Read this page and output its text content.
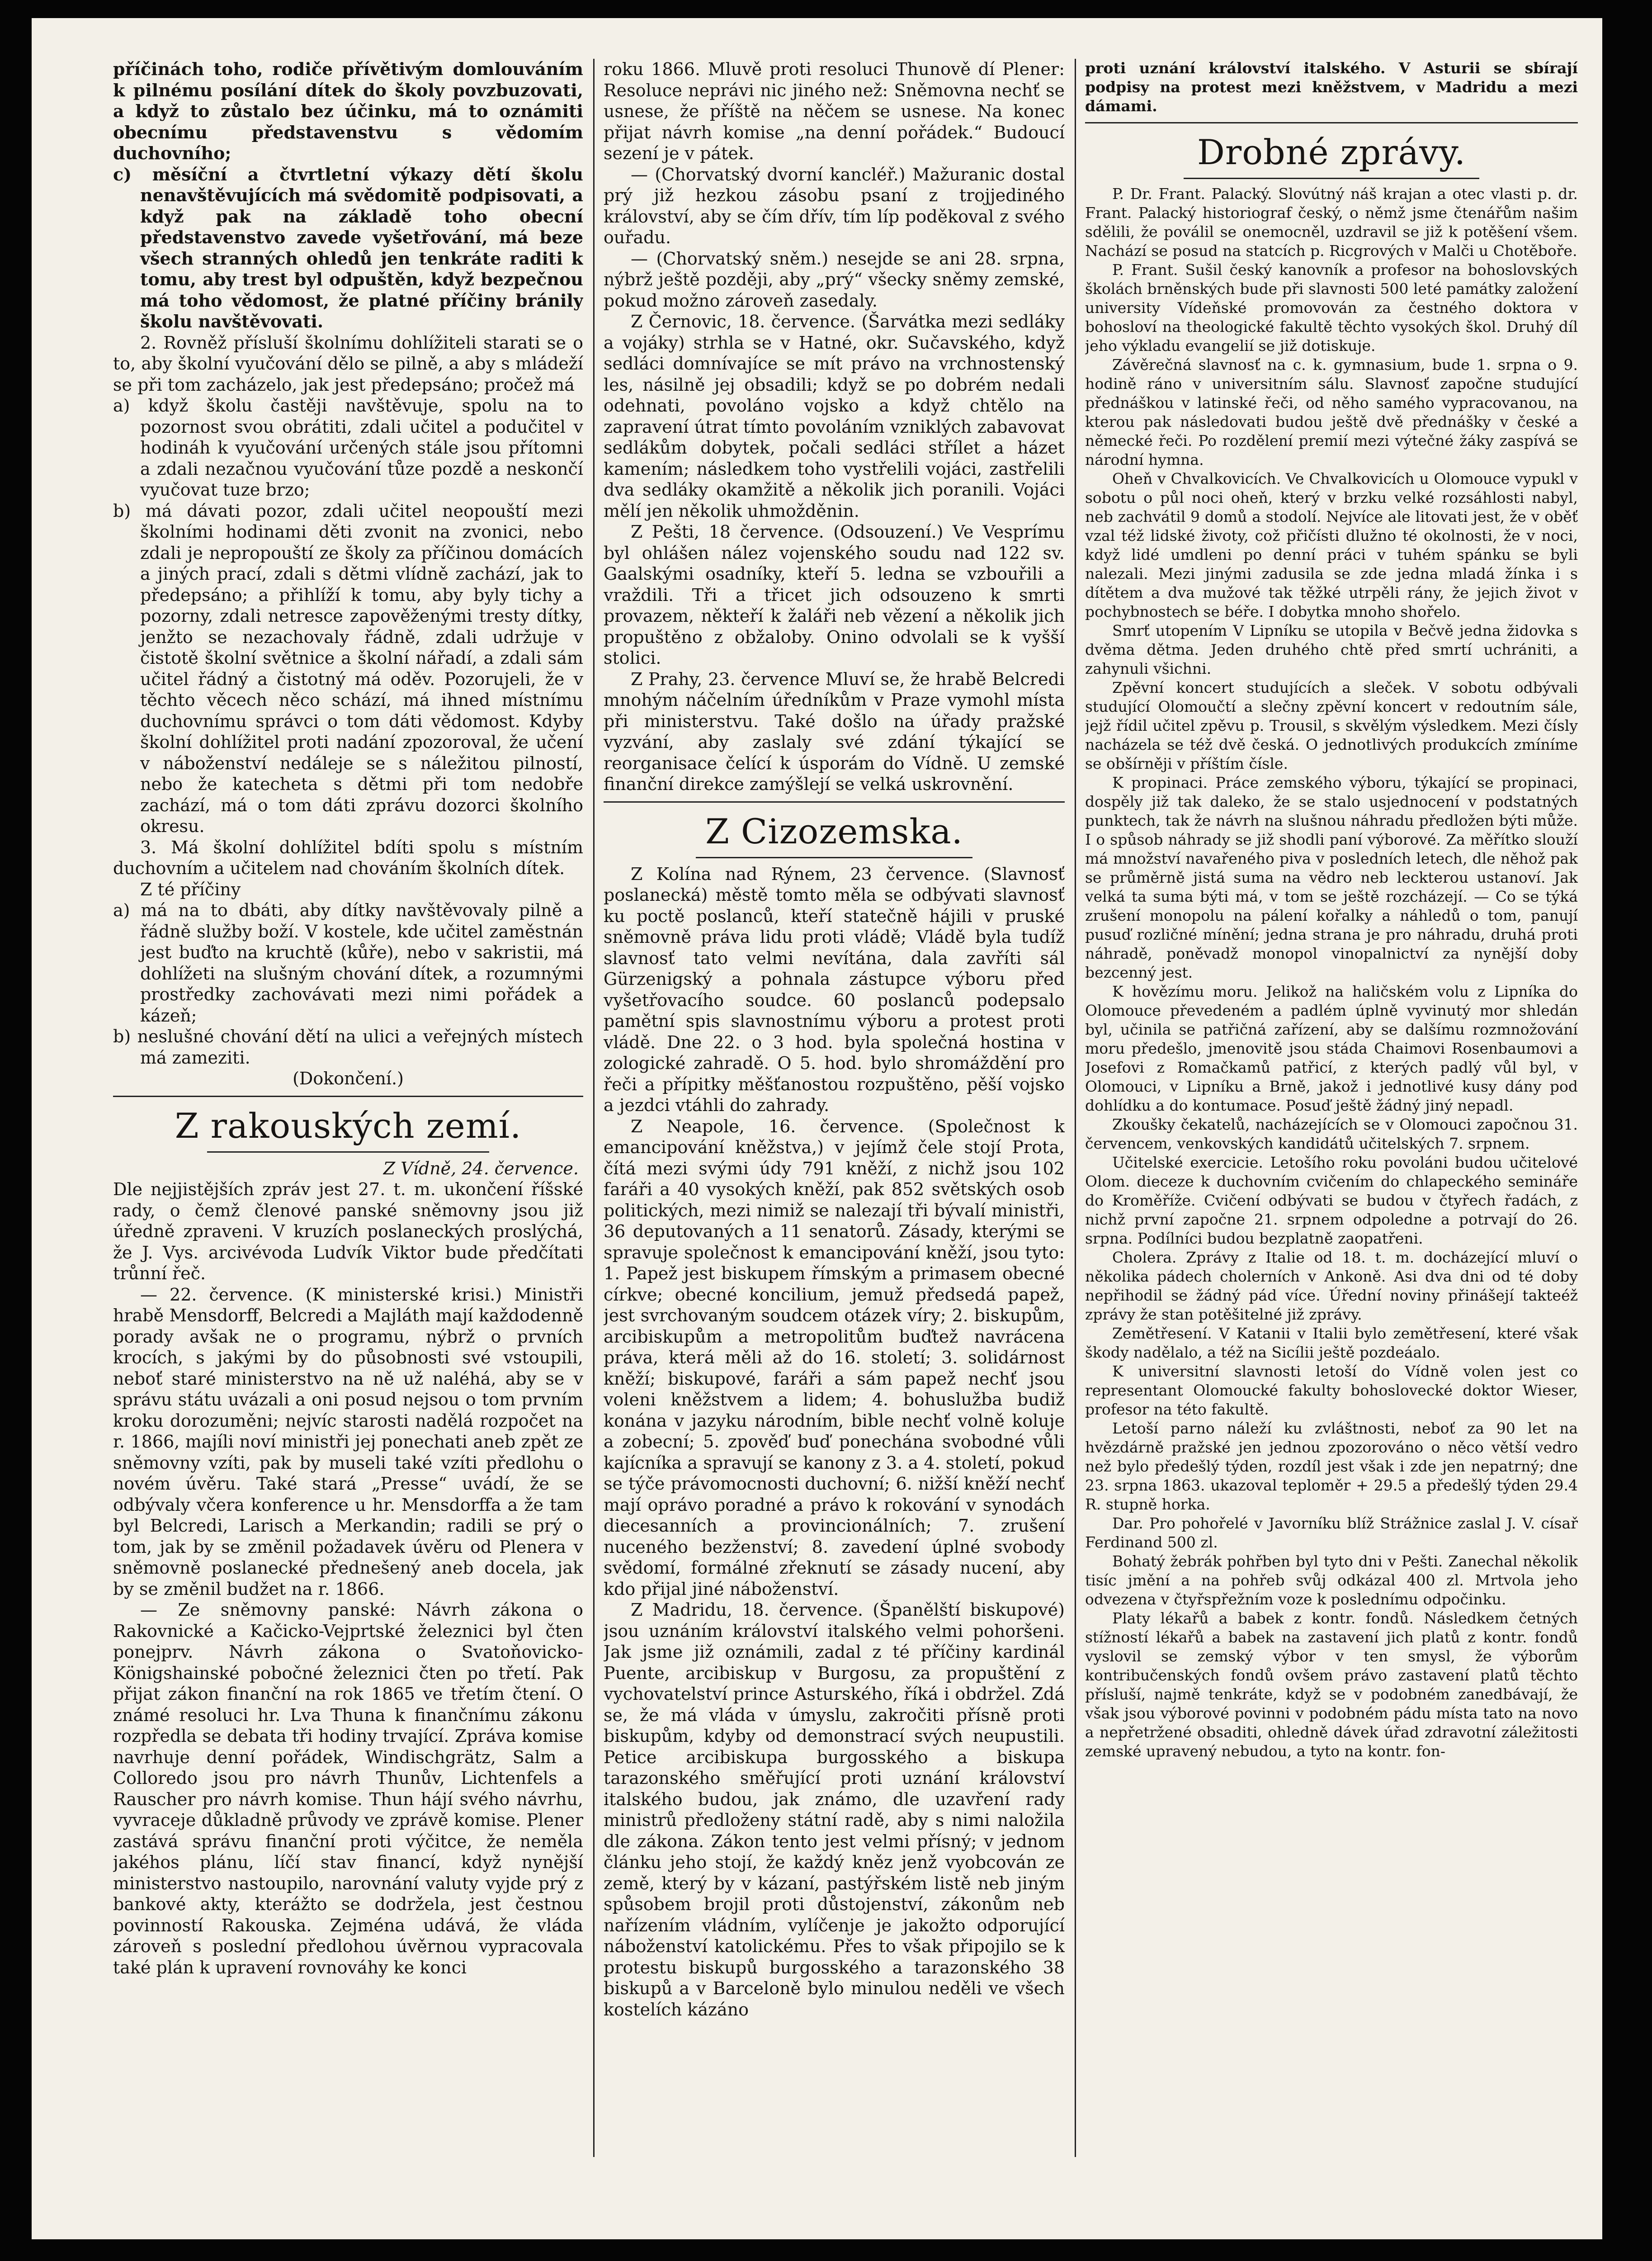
příčinách toho, rodiče přívětivým domlouváním k pilnému posílání dítek do školy povzbuzovati, a když to zůstalo bez účinku, má to oznámiti obecnímu představenstvu s vědomím duchovního;

c) měsíční a čtvrtletní výkazy dětí školu nenavštěvujících má svědomitě podpisovati, a když pak na základě toho obecní představenstvo zavede vyšetřování, má beze všech stranných ohledů jen tenkráte raditi k tomu, aby trest byl odpuštěn, když bezpečnou má toho vědomost, že platné příčiny bránily školu navštěvovati.

2. Rovněž přísluší školnímu dohlížiteli starati se o to, aby školní vyučování dělo se pilně, a aby s mládeží se při tom zacházelo, jak jest předepsáno; pročež má

a) když školu častěji navštěvuje, spolu na to pozornost svou obrátiti, zdali učitel a podučitel v hodináh k vyučování určených stále jsou přítomni a zdali nezačnou vyučování tůze pozdě a neskončí vyučovat tuze brzo;

b) má dávati pozor, zdali učitel neopouští mezi školními hodinami děti zvonit na zvonici, nebo zdali je nepropouští ze školy za příčinou domácích a jiných prací, zdali s dětmi vlídně zachází, jak to předepsáno; a přihlíží k tomu, aby byly tichy a pozorny, zdali netresce zapověženými tresty dítky, jenžto se nezachovaly řádně, zdali udržuje v čistotě školní světnice a školní nářadí, a zdali sám učitel řádný a čistotný má oděv. Pozorujeli, že v těchto věcech něco schází, má ihned místnímu duchovnímu správci o tom dáti vědomost. Kdyby školní dohlížitel proti nadání zpozoroval, že učení v náboženství nedáleje se s náležitou pilností, nebo že katecheta s dětmi při tom nedobře zachází, má o tom dáti zprávu dozorci školního okresu.

3. Má školní dohlížitel bdíti spolu s místním duchovním a učitelem nad chováním školních dítek.

Z té příčiny

a) má na to dbáti, aby dítky navštěvovaly pilně a řádně služby boží. V kostele, kde učitel zaměstnán jest buďto na kruchtě (kůře), nebo v sakristii, má dohlížeti na slušným chování dítek, a rozumnými prostředky zachovávati mezi nimi pořádek a kázeň;

b) neslušné chování dětí na ulici a veřejných místech má zameziti.

(Dokončení.)

Z rakouských zemí.

Z Vídně, 24. července.

Dle nejjistějších zpráv jest 27. t. m. ukončení říšské rady, o čemž členové panské sněmovny jsou již úředně zpraveni. V kruzích poslaneckých proslýchá, že J. Vys. arcivévoda Ludvík Viktor bude předčítati trůnní řeč.

— 22. července. (K ministerské krisi.) Ministři hrabě Mensdorff, Belcredi a Majláth mají každodenně porady avšak ne o programu, nýbrž o prvních krocích, s jakými by do působnosti své vstoupili, neboť staré ministerstvo na ně už naléhá, aby se v správu státu uvázali a oni posud nejsou o tom prvním kroku dorozuměni; nejvíc starosti nadělá rozpočet na r. 1866, majíli noví ministři jej ponechati aneb zpět ze sněmovny vzíti, pak by museli také vzíti předlohu o novém úvěru. Také stará „Presse“ uvádí, že se odbývaly včera konference u hr. Mensdorffa a že tam byl Belcredi, Larisch a Merkandin; radili se prý o tom, jak by se změnil požadavek úvěru od Plenera v sněmovně poslanecké přednešený aneb docela, jak by se změnil budžet na r. 1866.

— Ze sněmovny panské: Návrh zákona o Rakovnické a Kačicko-Vejprtské železnici byl čten ponejprv. Návrh zákona o Svatoňovicko-Königshainské pobočné železnici čten po třetí. Pak přijat zákon finanční na rok 1865 ve třetím čtení. O známé resoluci hr. Lva Thuna k finančnímu zákonu rozpředla se debata tři hodiny trvající. Zpráva komise navrhuje denní pořádek, Windischgrätz, Salm a Colloredo jsou pro návrh Thunův, Lichtenfels a Rauscher pro návrh komise. Thun hájí svého návrhu, vyvraceje důkladně průvody ve zprávě komise. Plener zastává správu finanční proti výčitce, že neměla jakéhos plánu, líčí stav financí, když nynější ministerstvo nastoupilo, narovnání valuty vyjde prý z bankové akty, kterážto se dodržela, jest čestnou povinností Rakouska. Zejména udává, že vláda zároveň s poslední předlohou úvěrnou vypracovala také plán k upravení rovnováhy ke konci

roku 1866. Mluvě proti resoluci Thunově dí Plener: Resoluce neprávi nic jiného než: Sněmovna nechť se usnese, že příště na něčem se usnese. Na konec přijat návrh komise „na denní pořádek.“ Budoucí sezení je v pátek.

— (Chorvatský dvorní kancléř.) Mažuranic dostal prý již hezkou zásobu psaní z trojjediného království, aby se čím dřív, tím líp poděkoval z svého ouřadu.

— (Chorvatský sněm.) nesejde se ani 28. srpna, nýbrž ještě později, aby „prý“ všecky sněmy zemské, pokud možno zároveň zasedaly.

Z Černovic, 18. července. (Šarvátka mezi sedláky a vojáky) strhla se v Hatné, okr. Sučavského, když sedláci domnívajíce se mít právo na vrchnostenský les, násilně jej obsadili; když se po dobrém nedali odehnati, povoláno vojsko a když chtělo na zapravení útrat tímto povoláním vzniklých zabavovat sedlákům dobytek, počali sedláci střílet a házet kamením; následkem toho vystřelili vojáci, zastřelili dva sedláky okamžitě a několik jich poranili. Vojáci mělí jen několik uhmožděnin.

Z Pešti, 18 července. (Odsouzení.) Ve Vesprímu byl ohlášen nález vojenského soudu nad 122 sv. Gaalskými osadníky, kteří 5. ledna se vzbouřili a vraždili. Tři a třicet jich odsouzeno k smrti provazem, někteří k žaláři neb vězení a několik jich propuštěno z obžaloby. Onino odvolali se k vyšší stolici.

Z Prahy, 23. července Mluví se, že hrabě Belcredi mnohým náčelním úředníkům v Praze vymohl místa při ministerstvu. Také došlo na úřady pražské vyzvání, aby zaslaly své zdání týkající se reorganisace čelící k úsporám do Vídně. U zemské finanční direkce zamýšlejí se velká uskrovnění.

Z Cizozemska.

Z Kolína nad Rýnem, 23 července. (Slavnosť poslanecká) městě tomto měla se odbývati slavnosť ku poctě poslanců, kteří statečně hájili v pruské sněmovně práva lidu proti vládě; Vládě byla tudíž slavnosť tato velmi nevítána, dala zavříti sál Gürzenigský a pohnala zástupce výboru před vyšetřovacího soudce. 60 poslanců podepsalo pamětní spis slavnostnímu výboru a protest proti vládě. Dne 22. o 3 hod. byla společná hostina v zologické zahradě. O 5. hod. bylo shromáždění pro řeči a přípitky měšťanostou rozpuštěno, pěší vojsko a jezdci vtáhli do zahrady.

Z Neapole, 16. července. (Společnost k emancipování kněžstva,) v jejímž čele stojí Prota, čítá mezi svými údy 791 kněží, z nichž jsou 102 faráři a 40 vysokých kněží, pak 852 světských osob politických, mezi nimiž se nalezají tři bývalí ministři, 36 deputovaných a 11 senatorů. Zásady, kterými se spravuje společnost k emancipování kněží, jsou tyto: 1. Papež jest biskupem římským a primasem obecné církve; obecné koncilium, jemuž předsedá papež, jest svrchovaným soudcem otázek víry; 2. biskupům, arcibiskupům a metropolitům buďtež navrácena práva, která měli až do 16. století; 3. solidárnost kněží; biskupové, faráři a sám papež nechť jsou voleni kněžstvem a lidem; 4. bohuslužba budiž konána v jazyku národním, bible nechť volně koluje a zobecní; 5. zpověď buď ponechána svobodné vůli kajícníka a spravují se kanony z 3. a 4. století, pokud se týče právomocnosti duchovní; 6. nižší kněží nechť mají oprávo poradné a právo k rokování v synodách diecesanních a provincionálních; 7. zrušení nuceného bezženství; 8. zavedení úplné svobody svědomí, formálné zřeknutí se zásady nucení, aby kdo přijal jiné náboženství.

Z Madridu, 18. července. (Španělští biskupové) jsou uznáním království italského velmi pohoršeni. Jak jsme již oznámili, zadal z té příčiny kardinál Puente, arcibiskup v Burgosu, za propuštění z vychovatelství prince Asturského, říká i obdržel. Zdá se, že má vláda v úmyslu, zakročiti přísně proti biskupům, kdyby od demonstrací svých neupustili. Petice arcibiskupa burgosského a biskupa tarazonského směřující proti uznání království italského budou, jak známo, dle uzavření rady ministrů předloženy státní radě, aby s nimi naložila dle zákona. Zákon tento jest velmi přísný; v jednom článku jeho stojí, že každý kněz jenž vyobcován ze země, který by v kázaní, pastýřském listě neb jiným spůsobem brojil proti důstojenství, zákonům neb nařízením vládním, vylíčenje je jakožto odporující náboženství katolickému. Přes to však připojilo se k protestu biskupů burgosského a tarazonského 38 biskupů a v Barceloně bylo minulou neděli ve všech kostelích kázáno

proti uznání království italského. V Asturii se sbírají podpisy na protest mezi kněžstvem, v Madridu a mezi dámami.

Drobné zprávy.

P. Dr. Frant. Palacký. Slovútný náš krajan a otec vlasti p. dr. Frant. Palacký historiograf český, o němž jsme čtenářům našim sdělili, že poválil se onemocněl, uzdravil se již k potěšení všem. Nachází se posud na statcích p. Ricgrových v Malči u Chotěboře.

P. Frant. Sušil český kanovník a profesor na bohoslovských školách brněnských bude při slavnosti 500 leté památky založení university Vídeňské promovován za čestného doktora v bohosloví na theologické fakultě těchto vysokých škol. Druhý díl jeho výkladu evangelií se již dotiskuje.

Závěrečná slavnosť na c. k. gymnasium, bude 1. srpna o 9. hodině ráno v universitním sálu. Slavnosť započne studující přednáškou v latinské řeči, od něho samého vypracovanou, na kterou pak následovati budou ještě dvě přednášky v české a německé řeči. Po rozdělení premií mezi výtečné žáky zaspívá se národní hymna.

Oheň v Chvalkovicích. Ve Chvalkovicích u Olomouce vypukl v sobotu o půl noci oheň, který v brzku velké rozsáhlosti nabyl, neb zachvátil 9 domů a stodolí. Nejvíce ale litovati jest, že v oběť vzal též lidské životy, což přičísti dlužno té okolnosti, že v noci, když lidé umdleni po denní práci v tuhém spánku se byli nalezali. Mezi jinými zadusila se zde jedna mladá žínka i s dítětem a dva mužové tak těžké utrpěli rány, že jejich život v pochybnostech se béře. I dobytka mnoho shořelo.

Smrť utopením V Lipníku se utopila v Bečvě jedna židovka s dvěma dětma. Jeden druhého chtě před smrtí uchrániti, a zahynuli všichni.

Zpěvní koncert studujících a sleček. V sobotu odbývali studující Olomoučtí a slečny zpěvní koncert v redoutním sále, jejž řídil učitel zpěvu p. Trousil, s skvělým výsledkem. Mezi čísly nacházela se též dvě česká. O jednotlivých produkcích zmíníme se obšírněji v příštím čísle.

K propinaci. Práce zemského výboru, týkající se propinaci, dospěly již tak daleko, že se stalo usjednocení v podstatných punktech, tak že návrh na slušnou náhradu předložen býti může. I o spůsob náhrady se již shodli paní výborové. Za měřítko slouží má množství navařeného piva v posledních letech, dle něhož pak se průměrně jistá suma na vědro neb leckterou ustanoví. Jak velká ta suma býti má, v tom se ještě rozcházejí. — Co se týká zrušení monopolu na pálení kořalky a náhledů o tom, panují pusuď rozličné mínění; jedna strana je pro náhradu, druhá proti náhradě, poněvadž monopol vinopalnictví za nynější doby bezcenný jest.

K hovězímu moru. Jelikož na haličském volu z Lipníka do Olomouce převedeném a padlém úplně vyvinutý mor shledán byl, učinila se patřičná zařízení, aby se dalšímu rozmnožování moru předešlo, jmenovitě jsou stáda Chaimovi Rosenbaumovi a Josefovi z Romačkamů patřicí, z kterých padlý vůl byl, v Olomouci, v Lipníku a Brně, jakož i jednotlivé kusy dány pod dohlídku a do kontumace. Posuď ještě žádný jiný nepadl.

Zkoušky čekatelů, nacházejících se v Olomouci započnou 31. červencem, venkovských kandidátů učitelských 7. srpnem.

Učitelské exercicie. Letošího roku povoláni budou učitelové Olom. dieceze k duchovním cvičením do chlapeckého semináře do Kroměříže. Cvičení odbývati se budou v čtyřech řadách, z nichž první započne 21. srpnem odpoledne a potrvají do 26. srpna. Podílníci budou bezplatně zaopatřeni.

Cholera. Zprávy z Italie od 18. t. m. docházející mluví o několika pádech cholerních v Ankoně. Asi dva dni od té doby nepřihodil se žádný pád více. Úřední noviny přinášejí takteéž zprávy že stan potěšitelné již zprávy.

Zemětřesení. V Katanii v Italii bylo zemětřesení, které však škody nadělalo, a též na Sicílii ještě pozdeáalo.

K universitní slavnosti letoší do Vídně volen jest co representant Olomoucké fakulty bohoslovecké doktor Wieser, profesor na této fakultě.

Letoší parno náleží ku zvláštnosti, neboť za 90 let na hvězdárně pražské jen jednou zpozorováno o něco větší vedro než bylo předešlý týden, rozdíl jest však i zde jen nepatrný; dne 23. srpna 1863. ukazoval teploměr + 29.5 a předešlý týden 29.4 R. stupně horka.

Dar. Pro pohořelé v Javorníku blíž Strážnice zaslal J. V. císař Ferdinand 500 zl.

Bohatý žebrák pohřben byl tyto dni v Pešti. Zanechal několik tisíc jmění a na pohřeb svůj odkázal 400 zl. Mrtvola jeho odvezena v čtyřspřežním voze k poslednímu odpočinku.

Platy lékařů a babek z kontr. fondů. Následkem četných stížností lékařů a babek na zastavení jich platů z kontr. fondů vyslovil se zemský výbor v ten smysl, že výborům kontribučenských fondů ovšem právo zastavení platů těchto přísluší, najmě tenkráte, když se v podobném zanedbávají, že však jsou výborové povinni v podobném pádu místa tato na novo a nepřetržené obsaditi, ohledně dávek úřad zdravotní záležitosti zemské upravený nebudou, a tyto na kontr. fon-
